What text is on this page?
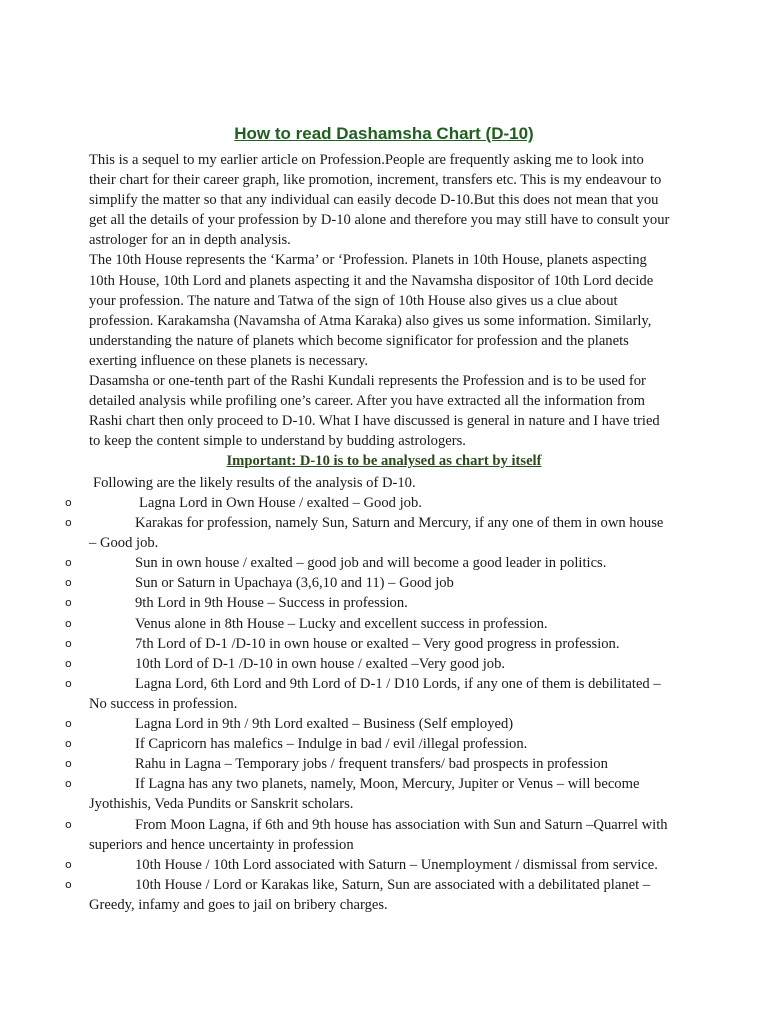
How to read Dashamsha Chart (D-10)

This is a sequel to my earlier article on Profession.People are frequently asking me to look into their chart for their career graph, like promotion, increment, transfers etc. This is my endeavour to simplify the matter so that any individual can easily decode D-10.But this does not mean that you get all the details of your profession by D-10 alone and therefore you may still have to consult your astrologer for an in depth analysis.

The 10th House represents the ‘Karma’ or ‘Profession. Planets in 10th House, planets aspecting 10th House, 10th Lord and planets aspecting it and the Navamsha dispositor of 10th Lord decide your profession. The nature and Tatwa of the sign of 10th House also gives us a clue about profession. Karakamsha (Navamsha of Atma Karaka) also gives us some information. Similarly, understanding the nature of planets which become significator for profession and the planets exerting influence on these planets is necessary.

Dasamsha or one-tenth part of the Rashi Kundali represents the Profession and is to be used for detailed analysis while profiling one’s career. After you have extracted all the information from Rashi chart then only proceed to D-10. What I have discussed is general in nature and I have tried to keep the content simple to understand by budding astrologers.

Important: D-10 is to be analysed as chart by itself
Following are the likely results of the analysis of D-10.
o	Lagna Lord in Own House / exalted – Good job.
o	Karakas for profession, namely Sun, Saturn and Mercury, if any one of them in own house – Good job.
o	Sun in own house / exalted – good job and will become a good leader in politics.
o	Sun or Saturn in Upachaya (3,6,10 and 11) – Good job
o	9th Lord in 9th House – Success in profession.
o	Venus alone in 8th House – Lucky and excellent success in profession.
o	7th Lord of D-1 /D-10 in own house or exalted – Very good progress in profession.
o	10th Lord of D-1 /D-10 in own house / exalted –Very good job.
o	Lagna Lord, 6th Lord and 9th Lord of D-1 / D10 Lords, if any one of them is debilitated –No success in profession.
o	Lagna Lord in 9th / 9th Lord exalted – Business (Self employed)
o	If Capricorn has malefics – Indulge in bad / evil /illegal profession.
o	Rahu in Lagna – Temporary jobs / frequent transfers/ bad prospects in profession
o	If Lagna has any two planets, namely, Moon, Mercury, Jupiter or Venus – will become Jyothishis, Veda Pundits or Sanskrit scholars.
o	From Moon Lagna, if 6th and 9th house has association with Sun and Saturn –Quarrel with superiors and hence uncertainty in profession
o	10th House / 10th Lord associated with Saturn – Unemployment / dismissal from service.
o	10th House / Lord or Karakas like, Saturn, Sun are associated with a debilitated planet – Greedy, infamy and goes to jail on bribery charges.
